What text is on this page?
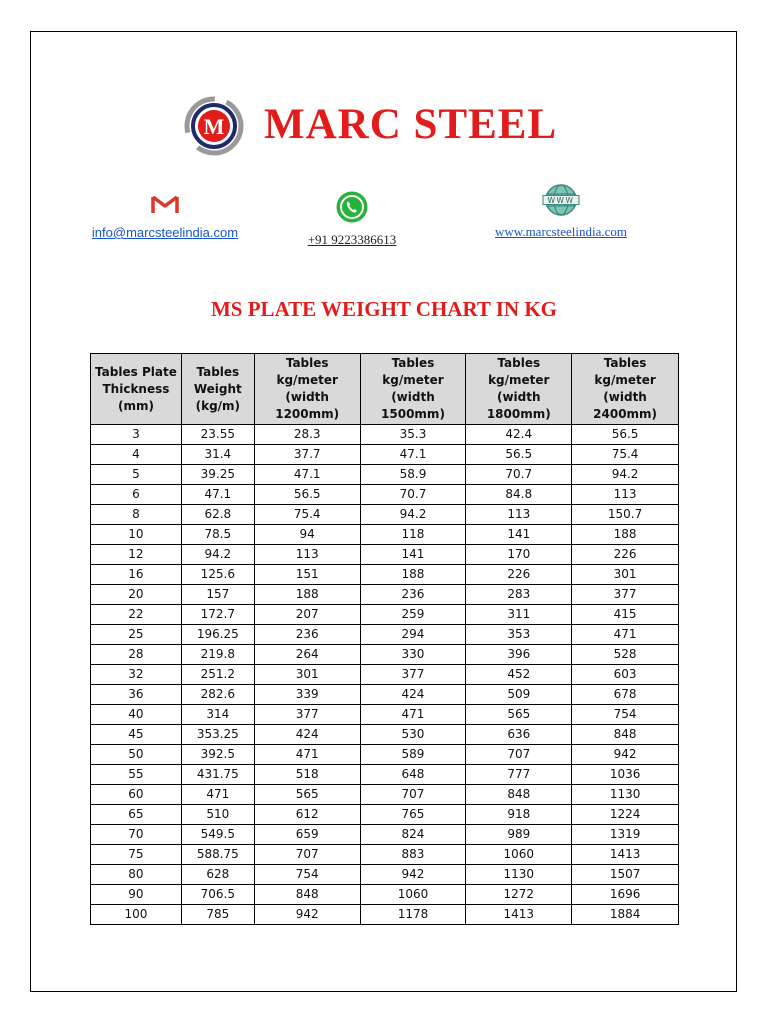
M MARC STEEL
info@marcsteelindia.com	+91 9223386613
WWW
www.marcsteelindia.com
MS PLATE WEIGHT CHART IN KG
Tables Plate Thickness (mm)	Tables Weight (kg/m)	Tables kg/meter (width 1200mm)	Tables kg/meter (width 1500mm)	Tables kg/meter (width 1800mm)	Tables kg/meter (width 2400mm)
3	23.55	28.3	35.3	42.4	56.5
4	31.4	37.7	47.1	56.5	75.4
5	39.25	47.1	58.9	70.7	94.2
6	47.1	56.5	70.7	84.8	113
8	62.8	75.4	94.2	113	150.7
10	78.5	94	118	141	188
12	94.2	113	141	170	226
16	125.6	151	188	226	301
20	157	188	236	283	377
22	172.7	207	259	311	415
25	196.25	236	294	353	471
28	219.8	264	330	396	528
32	251.2	301	377	452	603
36	282.6	339	424	509	678
40	314	377	471	565	754
45	353.25	424	530	636	848
50	392.5	471	589	707	942
55	431.75	518	648	777	1036
60	471	565	707	848	1130
65	510	612	765	918	1224
70	549.5	659	824	989	1319
75	588.75	707	883	1060	1413
80	628	754	942	1130	1507
90	706.5	848	1060	1272	1696
100	785	942	1178	1413	1884
